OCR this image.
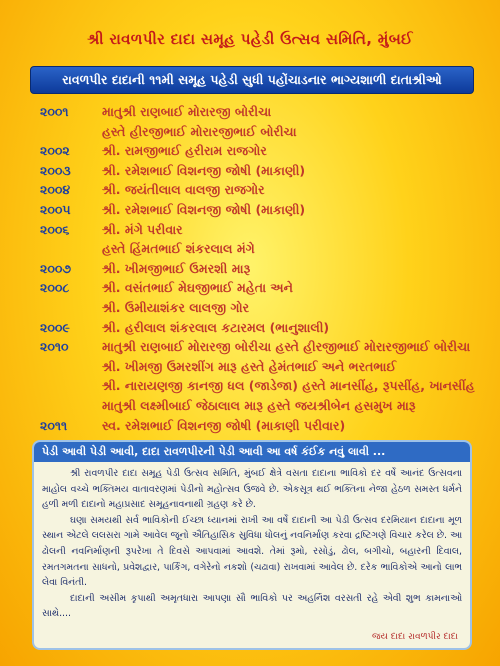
શ્રી રાવળપીર દાદા સમૂહ પહેડી ઉત્સવ સમિતિ, મુંબઈ
રાવળપીર દાદાની ૧૧મી સમૂહ પહેડી સુધી પહોંચાડનાર ભાગ્યશાળી દાતાશ્રીઓ
૨૦૦૧	માતુશ્રી રાણબાઈ મોરારજી બોરીચા
હસ્તે હીરજીભાઈ મોરારજીભાઈ બોરીચા
૨૦૦૨	શ્રી. રામજીભાઈ હરીરામ રાજગોર
૨૦૦૩	શ્રી. રમેશભાઈ વિશનજી જોષી (માકાણી)
૨૦૦૪	શ્રી. જયંતીલાલ વાલજી રાજગોર
૨૦૦૫	શ્રી. રમેશભાઈ વિશનજી જોષી (માકાણી)
૨૦૦૬	શ્રી. મંગે પરીવાર
હસ્તે હિંમતભાઈ શંકરલાલ મંગે
૨૦૦૭	શ્રી. ખીમજીભાઈ ઉમરશી મારૂ
૨૦૦૮	શ્રી. વસંતભાઈ મેઘજીભાઈ મહેતા અને
શ્રી. ઉમીયાશંકર લાલજી ગોર
૨૦૦૯	શ્રી. હરીલાલ શંકરલાલ કટારમલ (ભાનુશાલી)
૨૦૧૦	માતુશ્રી રાણબાઈ મોરારજી બોરીચા હસ્તે હીરજીભાઈ મોરારજીભાઈ બોરીચા
શ્રી. ખીમજી ઉમરશીંગ મારૂ હસ્તે હેમંતભાઈ અને ભરતભાઈ
શ્રી. નારાયણજી કાનજી ધલ (જાડેજા) હસ્તે માનસીંહ, રૂપસીંહ, ખાનસીંહ
માતુશ્રી લક્ષ્મીબાઈ જેઠાલાલ મારૂ હસ્તે જયશ્રીબેન હસમુખ મારૂ
૨૦૧૧	સ્વ. રમેશભાઈ વિશનજી જોષી (માકાણી પરીવાર)
પેડી આવી પેડી આવી, દાદા રાવળપીરની પેડી આવી આ વર્ષ કંઈક નવું લાવી ...

શ્રી રાવળપીર દાદા સમૂહ પેડી ઉત્સવ સમિતિ, મુંબઈ ક્ષેત્રે વસતા દાદાના ભાવિકો દર વર્ષે આનંદ ઉત્સવના માહોલ વચ્ચે ભક્તિમય વાતાવરણમાં પેડીનો મહોત્સવ ઉજવે છે. એકસૂત્ર થઈ ભક્તિના નેજા હેઠળ સમસ્ત ધર્મને હળી મળી દાદાનો મહાપ્રસાદ સમૂહનાવનાથી ગ્રહણ કરે છે.

ઘણા સમયથી સર્વ ભાવિકોની ઈચ્છા ધ્યાનમાં રાખી આ વર્ષે દાદાની આ પેડી ઉત્સવ દરમિયાન દાદાના મૂળ સ્થાન એટલે લલસરા ગામે આવેલ જૂનો ઐતિહાસિક સુવિધા ધોલનું નવનિર્માણ કરવા દ્રષ્ટિગણે વિચાર કરેલ છે. આ ઢોલની નવનિર્માણની રૂપરેખા તે દિવસે આપવામાં આવશે. તેમાં રૂમો, રસોડું, ઢોલ, બગીચો, બહારની દિવાલ, રમતગમતના સાધનો, પ્રવેશદ્વાર, પાર્કિંગ, વગેરેનો નકશો (ચઢાવા) રાખવામાં આવેલ છે. દરેક ભાવિકોએ આનો લાભ લેવા વિનંતી.

દાદાની અસીમ કૃપાથી અમૃતધારા આપણા સૌ ભાવિકો પર અહર્નિશ વરસતી રહે એવી શુભ કામનાઓ સાથે....

જય દાદા રાવળપીર દાદા
